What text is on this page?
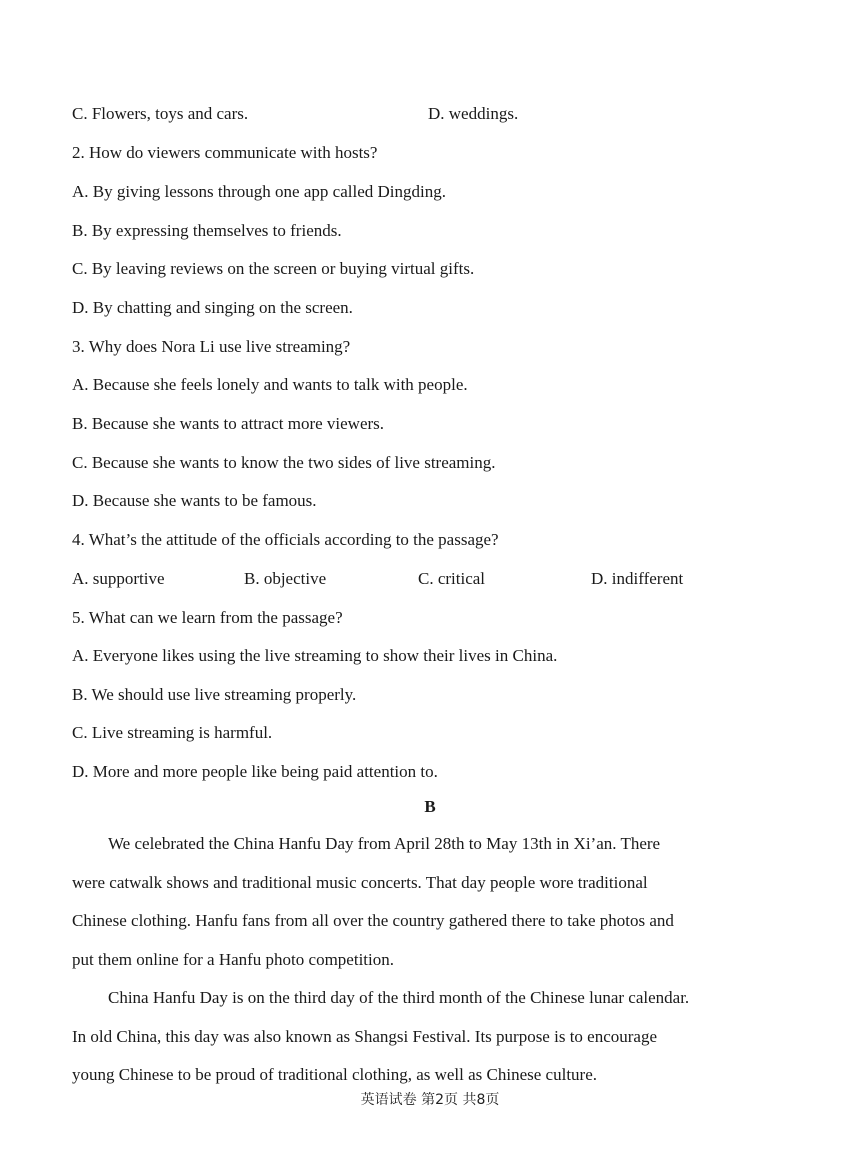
C. Flowers, toys and cars.	D. weddings.
2. How do viewers communicate with hosts?
A. By giving lessons through one app called Dingding.
B. By expressing themselves to friends.
C. By leaving reviews on the screen or buying virtual gifts.
D. By chatting and singing on the screen.
3. Why does Nora Li use live streaming?
A. Because she feels lonely and wants to talk with people.
B. Because she wants to attract more viewers.
C. Because she wants to know the two sides of live streaming.
D. Because she wants to be famous.
4. What’s the attitude of the officials according to the passage?
A. supportive	B. objective	C. critical	D. indifferent
5. What can we learn from the passage?
A. Everyone likes using the live streaming to show their lives in China.
B. We should use live streaming properly.
C. Live streaming is harmful.
D. More and more people like being paid attention to.
B
We celebrated the China Hanfu Day from April 28th to May 13th in Xi’an. There
were catwalk shows and traditional music concerts. That day people wore traditional
Chinese clothing. Hanfu fans from all over the country gathered there to take photos and
put them online for a Hanfu photo competition.
China Hanfu Day is on the third day of the third month of the Chinese lunar calendar.
In old China, this day was also known as Shangsi Festival. Its purpose is to encourage
young Chinese to be proud of traditional clothing, as well as Chinese culture.
英语试卷 第2页 共8页
